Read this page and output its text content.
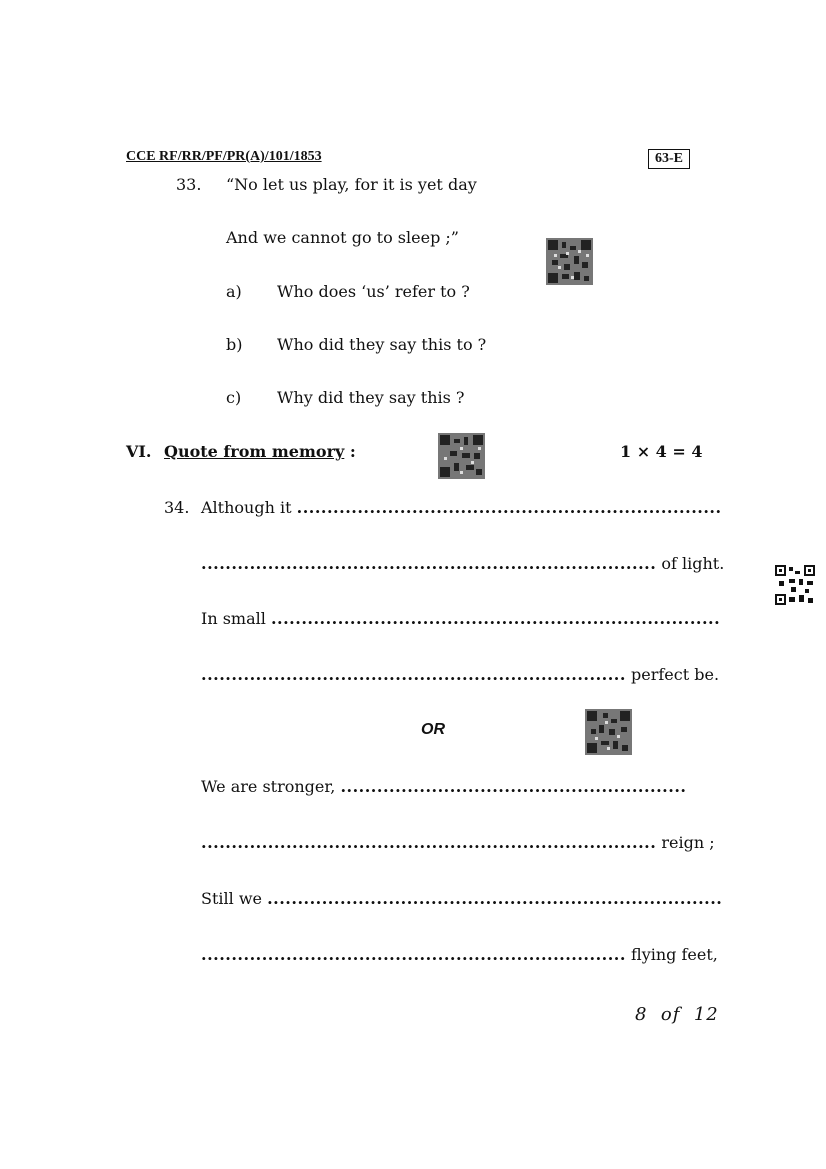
CCE RF/RR/PF/PR(A)/101/1853	63-E
33. “No let us play, for it is yet day
And we cannot go to sleep ;”
a) Who does ‘us’ refer to ?
b) Who did they say this to ?
c) Why did they say this ?
VI. Quote from memory :	1 × 4 = 4
34. Although it ......................................................................
........................................................................... of light.
In small ..........................................................................
...................................................................... perfect be.
OR
We are stronger, .........................................................
........................................................................... reign ;
Still we ...........................................................................
...................................................................... flying feet,
8  of  12
